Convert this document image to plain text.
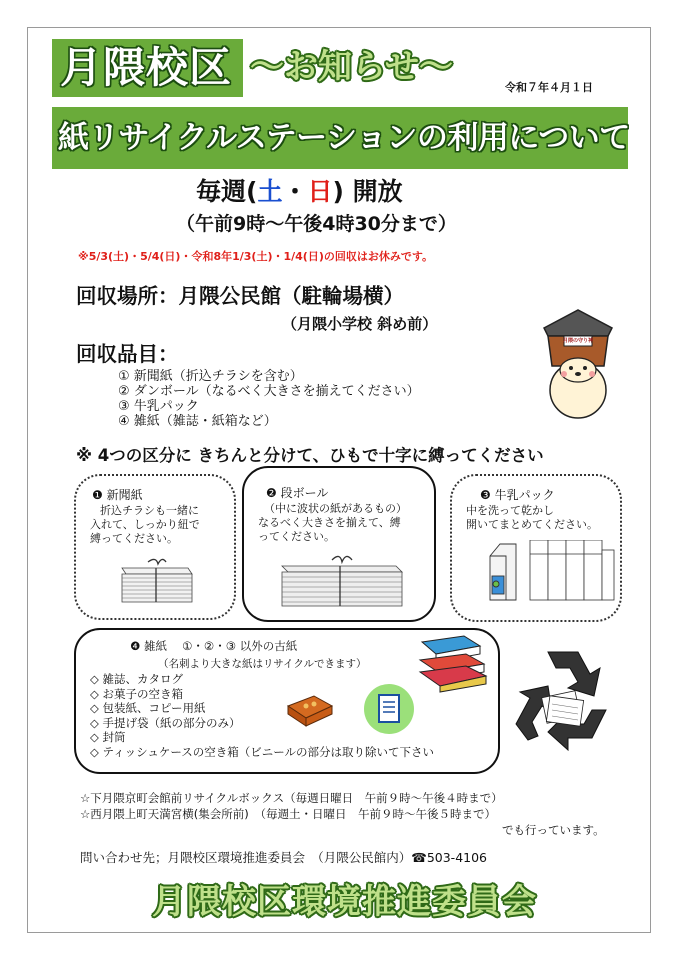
月隈校区 ～お知らせ～
令和７年４月１日
紙リサイクルステーションの利用について
毎週(土・日) 開放
（午前9時～午後4時30分まで）
※5/3(土)・5/4(日)・令和8年1/3(土)・1/4(日)の回収はお休みです。
回収場所：月隈公民館（駐輪場横）
（月隈小学校 斜め前）
回収品目：
① 新聞紙（折込チラシを含む）
② ダンボール（なるべく大きさを揃えてください）
③ 牛乳パック
④ 雑紙（雑誌・紙箱など）
月隈の守り神
※ 4つの区分に きちんと分けて、ひもで十字に縛ってください
❶ 新聞紙
折込チラシも一緒に
入れて、しっかり紐で
縛ってください。
❷ 段ボール
（中に波状の紙があるもの）
なるべく大きさを揃えて、縛
ってください。
❸ 牛乳パック
中を洗って乾かし
開いてまとめてください。
❹ 雑紙　 ①・②・③ 以外の古紙
（名刺より大きな紙はリサイクルできます）
◇ 雑誌、カタログ
◇ お菓子の空き箱
◇ 包装紙、コピー用紙
◇ 手提げ袋（紙の部分のみ）
◇ 封筒
◇ ティッシュケースの空き箱（ビニールの部分は取り除いて下さい
☆下月隈京町会館前リサイクルボックス（毎週日曜日　午前９時～午後４時まで）
☆西月隈上町天満宮横(集会所前)　（毎週土・日曜日　午前９時～午後５時まで）
でも行っています。
問い合わせ先；月隈校区環境推進委員会　（月隈公民館内）☎503-4106
月隈校区環境推進委員会
